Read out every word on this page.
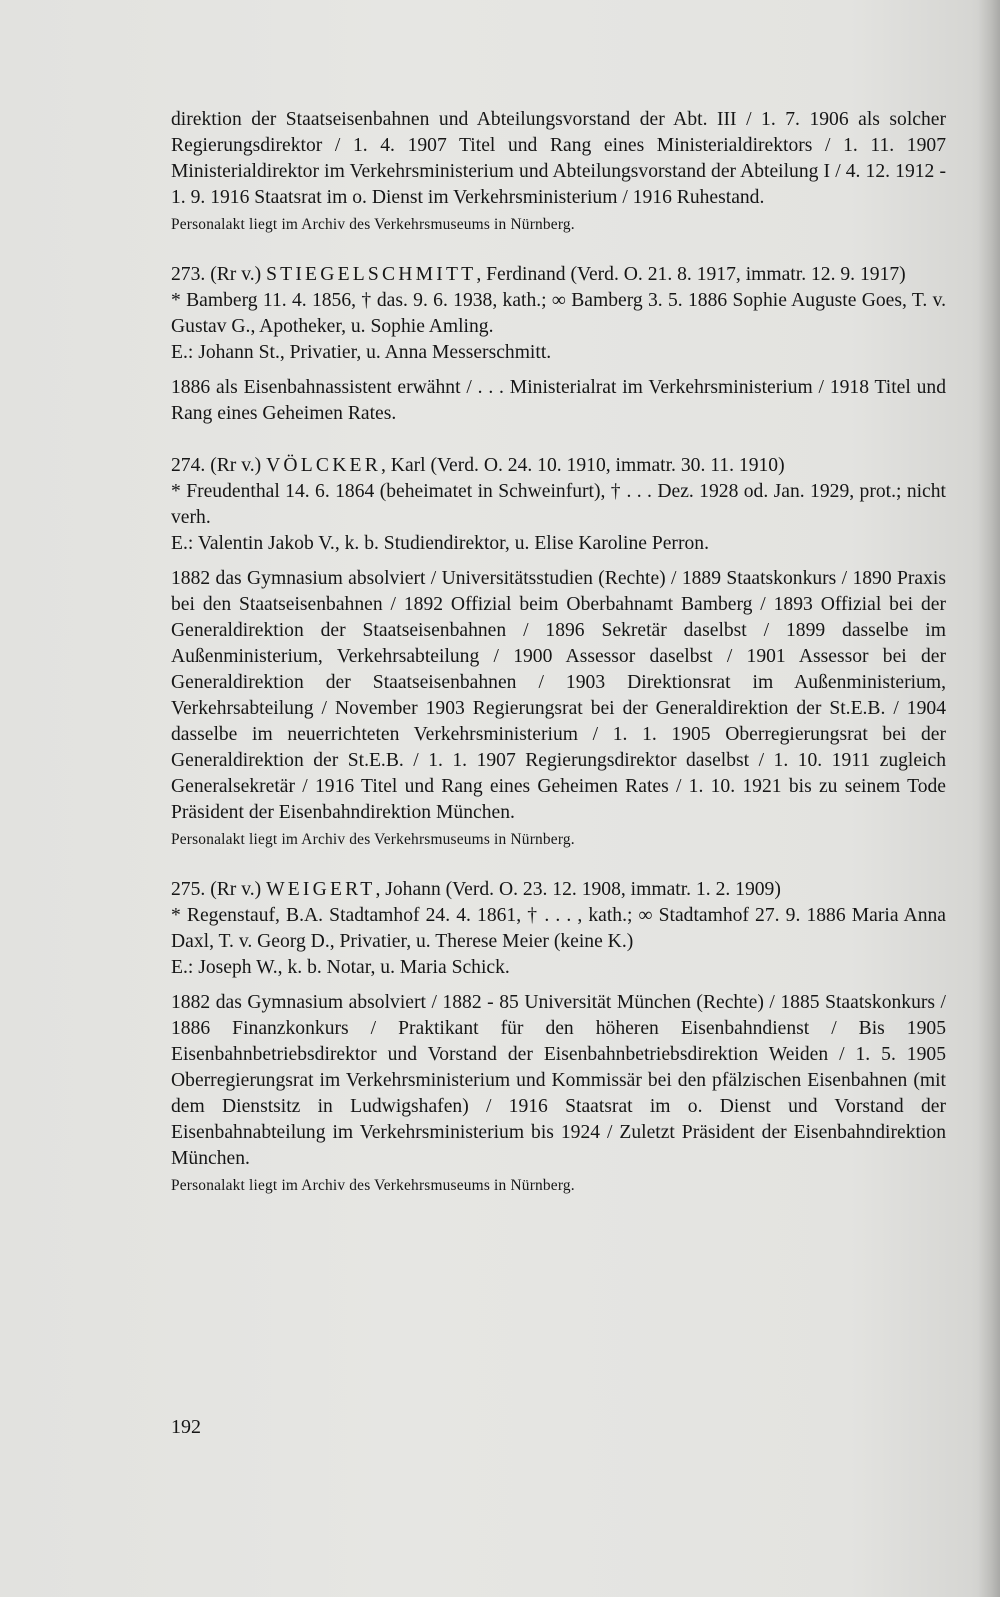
direktion der Staatseisenbahnen und Abteilungsvorstand der Abt. III / 1. 7. 1906 als solcher Regierungsdirektor / 1. 4. 1907 Titel und Rang eines Ministerialdirektors / 1. 11. 1907 Ministerialdirektor im Verkehrsministerium und Abteilungsvorstand der Abteilung I / 4. 12. 1912 - 1. 9. 1916 Staatsrat im o. Dienst im Verkehrsministerium / 1916 Ruhestand.

Personalakt liegt im Archiv des Verkehrsmuseums in Nürnberg.

273. (Rr v.) STIEGELSCHMITT, Ferdinand (Verd. O. 21. 8. 1917, immatr. 12. 9. 1917)

* Bamberg 11. 4. 1856, † das. 9. 6. 1938, kath.; ∞ Bamberg 3. 5. 1886 Sophie Auguste Goes, T. v. Gustav G., Apotheker, u. Sophie Amling.

E.: Johann St., Privatier, u. Anna Messerschmitt.

1886 als Eisenbahnassistent erwähnt / . . . Ministerialrat im Verkehrsministerium / 1918 Titel und Rang eines Geheimen Rates.

274. (Rr v.) VÖLCKER, Karl (Verd. O. 24. 10. 1910, immatr. 30. 11. 1910)

* Freudenthal 14. 6. 1864 (beheimatet in Schweinfurt), † . . . Dez. 1928 od. Jan. 1929, prot.; nicht verh.

E.: Valentin Jakob V., k. b. Studiendirektor, u. Elise Karoline Perron.

1882 das Gymnasium absolviert / Universitätsstudien (Rechte) / 1889 Staatskonkurs / 1890 Praxis bei den Staatseisenbahnen / 1892 Offizial beim Oberbahnamt Bamberg / 1893 Offizial bei der Generaldirektion der Staatseisenbahnen / 1896 Sekretär daselbst / 1899 dasselbe im Außenministerium, Verkehrsabteilung / 1900 Assessor daselbst / 1901 Assessor bei der Generaldirektion der Staatseisenbahnen / 1903 Direktionsrat im Außenministerium, Verkehrsabteilung / November 1903 Regierungsrat bei der Generaldirektion der St.E.B. / 1904 dasselbe im neuerrichteten Verkehrsministerium / 1. 1. 1905 Oberregierungsrat bei der Generaldirektion der St.E.B. / 1. 1. 1907 Regierungsdirektor daselbst / 1. 10. 1911 zugleich Generalsekretär / 1916 Titel und Rang eines Geheimen Rates / 1. 10. 1921 bis zu seinem Tode Präsident der Eisenbahndirektion München.

Personalakt liegt im Archiv des Verkehrsmuseums in Nürnberg.

275. (Rr v.) WEIGERT, Johann (Verd. O. 23. 12. 1908, immatr. 1. 2. 1909)

* Regenstauf, B.A. Stadtamhof 24. 4. 1861, † . . . , kath.; ∞ Stadtamhof 27. 9. 1886 Maria Anna Daxl, T. v. Georg D., Privatier, u. Therese Meier (keine K.)

E.: Joseph W., k. b. Notar, u. Maria Schick.

1882 das Gymnasium absolviert / 1882 - 85 Universität München (Rechte) / 1885 Staatskonkurs / 1886 Finanzkonkurs / Praktikant für den höheren Eisenbahndienst / Bis 1905 Eisenbahnbetriebsdirektor und Vorstand der Eisenbahnbetriebsdirektion Weiden / 1. 5. 1905 Oberregierungsrat im Verkehrsministerium und Kommissär bei den pfälzischen Eisenbahnen (mit dem Dienstsitz in Ludwigshafen) / 1916 Staatsrat im o. Dienst und Vorstand der Eisenbahnabteilung im Verkehrsministerium bis 1924 / Zuletzt Präsident der Eisenbahndirektion München.

Personalakt liegt im Archiv des Verkehrsmuseums in Nürnberg.

192
